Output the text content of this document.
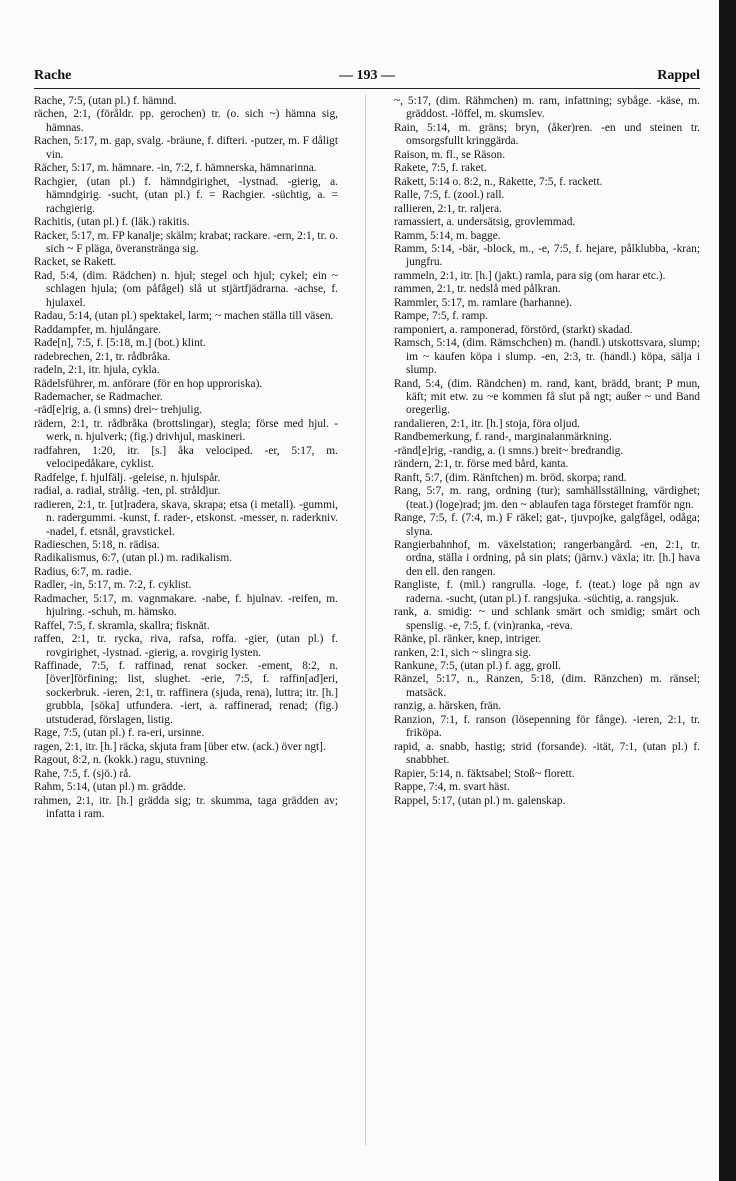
Rache	— 193 —	Rappel

Rache, 7:5, (utan pl.) f. hämnd.

rächen, 2:1, (föråldr. pp. gerochen) tr. (o. sich ~) hämna sig, hämnas.

Rachen, 5:17, m. gap, svalg. -bräune, f. difteri. -putzer, m. F dåligt vin.

Rächer, 5:17, m. hämnare. -in, 7:2, f. hämnerska, hämnarinna.

Rachgier, (utan pl.) f. hämndgirighet, -lystnad. -gierig, a. hämndgirig. -sucht, (utan pl.) f. = Rachgier. -süchtig, a. = rachgierig.

Rachitis, (utan pl.) f. (läk.) rakitis.

Racker, 5:17, m. FP kanalje; skälm; krabat; rackare. -ern, 2:1, tr. o. sich ~ F pläga, överanstränga sig.

Racket, se Rakett.

Rad, 5:4, (dim. Rädchen) n. hjul; stegel och hjul; cykel; ein ~ schlagen hjula; (om påfågel) slå ut stjärtfjädrarna. -achse, f. hjulaxel.

Radau, 5:14, (utan pl.) spektakel, larm; ~ machen ställa till väsen.

Raddampfer, m. hjulångare.

Rade[n], 7:5, f. [5:18, m.] (bot.) klint.

radebrechen, 2:1, tr. rådbråka.

radeln, 2:1, itr. hjula, cykla.

Rädelsführer, m. anförare (för en hop upproriska).

Rademacher, se Radmacher.

-räd[e]rig, a. (i smns) drei~ trehjulig.

rädern, 2:1, tr. rådbråka (brottslingar), stegla; förse med hjul. -werk, n. hjulverk; (fig.) drivhjul, maskineri.

radfahren, 1:20, itr. [s.] åka velociped. -er, 5:17, m. velocipedåkare, cyklist.

Radfelge, f. hjulfälj. -geleise, n. hjulspår.

radial, a. radial, strålig. -ten, pl. stråldjur.

radieren, 2:1, tr. [ut]radera, skava, skrapa; etsa (i metall). -gummi, n. radergummi. -kunst, f. rader-, etskonst. -messer, n. raderkniv. -nadel, f. etsnål, gravstickel.

Radieschen, 5:18, n. rädisa.

Radikalismus, 6:7, (utan pl.) m. radikalism.

Radius, 6:7, m. radie.

Radler, -in, 5:17, m. 7:2, f. cyklist.

Radmacher, 5:17, m. vagnmakare. -nabe, f. hjulnav. -reifen, m. hjulring. -schuh, m. hämsko.

Raffel, 7:5, f. skramla, skallra; fisknät.

raffen, 2:1, tr. rycka, riva, rafsa, roffa. -gier, (utan pl.) f. rovgirighet, -lystnad. -gierig, a. rovgirig lysten.

Raffinade, 7:5, f. raffinad, renat socker. -ement, 8:2, n. [över]förfining; list, slughet. -erie, 7:5, f. raffin[ad]eri, sockerbruk. -ieren, 2:1, tr. raffinera (sjuda, rena), luttra; itr. [h.] grubbla, [söka] utfundera. -iert, a. raffinerad, renad; (fig.) utstuderad, förslagen, listig.

Rage, 7:5, (utan pl.) f. ra-eri, ursinne.

ragen, 2:1, itr. [h.] räcka, skjuta fram [über etw. (ack.) över ngt].

Ragout, 8:2, n. (kokk.) ragu, stuvning.

Rahe, 7:5, f. (sjö.) rå.

Rahm, 5:14, (utan pl.) m. grädde.

rahmen, 2:1, itr. [h.] grädda sig; tr. skumma, taga grädden av; infatta i ram.

~, 5:17, (dim. Rähmchen) m. ram, infattning; sybåge. -käse, m. gräddost. -löffel, m. skumslev.

Rain, 5:14, m. gräns; bryn, (åker)ren. -en und steinen tr. omsorgsfullt kringgärda.

Raison, m. fl., se Räson.

Rakete, 7:5, f. raket.

Rakett, 5:14 o. 8:2, n., Rakette, 7:5, f. rackett.

Ralle, 7:5, f. (zool.) rall.

rallieren, 2:1, tr. raljera.

ramassiert, a. undersätsig, grovlemmad.

Ramm, 5:14, m. bagge.

Ramm, 5:14, -bär, -block, m., -e, 7:5, f. hejare, pålklubba, -kran; jungfru.

rammeln, 2:1, itr. [h.] (jakt.) ramla, para sig (om harar etc.).

rammen, 2:1, tr. nedslå med pålkran.

Rammler, 5:17, m. ramlare (harhanne).

Rampe, 7:5, f. ramp.

ramponiert, a. ramponerad, förstörd, (starkt) skadad.

Ramsch, 5:14, (dim. Rämschchen) m. (handl.) utskottsvara, slump; im ~ kaufen köpa i slump. -en, 2:3, tr. (handl.) köpa, sälja i slump.

Rand, 5:4, (dim. Rändchen) m. rand, kant, brädd, brant; P mun, käft; mit etw. zu ~e kommen få slut på ngt; außer ~ und Band oregerlig.

randalieren, 2:1, itr. [h.] stoja, föra oljud.

Randbemerkung, f. rand-, marginalanmärkning.

-ränd[e]rig, -randig, a. (i smns.) breit~ bredrandig.

rändern, 2:1, tr. förse med bård, kanta.

Ranft, 5:7, (dim. Ränftchen) m. bröd. skorpa; rand.

Rang, 5:7, m. rang, ordning (tur); samhällsställning, värdighet; (teat.) (loge)rad; jm. den ~ ablaufen taga försteget framför ngn.

Range, 7:5, f. (7:4, m.) F räkel; gat-, tjuvpojke, galgfågel, odåga; slyna.

Rangierbahnhof, m. växelstation; rangerbangård. -en, 2:1, tr. ordna, ställa i ordning, på sin plats; (järnv.) växla; itr. [h.] hava den ell. den rangen.

Rangliste, f. (mil.) rangrulla. -loge, f. (teat.) loge på ngn av raderna. -sucht, (utan pl.) f. rangsjuka. -süchtig, a. rangsjuk.

rank, a. smidig: ~ und schlank smärt och smidig; smärt och spenslig. -e, 7:5, f. (vin)ranka, -reva.

Ränke, pl. ränker, knep, intriger.

ranken, 2:1, sich ~ slingra sig.

Rankune, 7:5, (utan pl.) f. agg, groll.

Ränzel, 5:17, n., Ranzen, 5:18, (dim. Ränzchen) m. ränsel; matsäck.

ranzig, a. härsken, frän.

Ranzion, 7:1, f. ranson (lösepenning för fånge). -ieren, 2:1, tr. friköpa.

rapid, a. snabb, hastig; strid (forsande). -ität, 7:1, (utan pl.) f. snabbhet.

Rapier, 5:14, n. fäktsabel; Stoß~ florett.

Rappe, 7:4, m. svart häst.

Rappel, 5:17, (utan pl.) m. galenskap.
